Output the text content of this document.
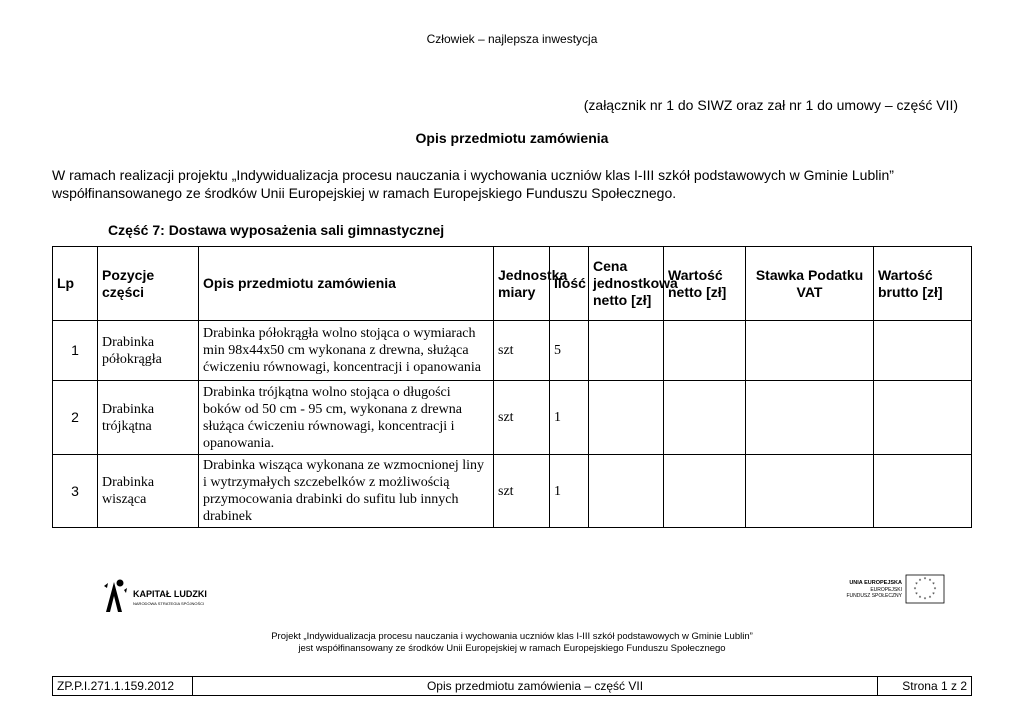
Człowiek – najlepsza inwestycja
(załącznik nr 1 do SIWZ oraz zał nr 1 do umowy – część VII)
Opis przedmiotu zamówienia
W ramach realizacji projektu „Indywidualizacja procesu nauczania i wychowania uczniów klas I-III szkół podstawowych w Gminie Lublin” współfinansowanego ze środków Unii Europejskiej w ramach Europejskiego Funduszu Społecznego.
Część 7: Dostawa wyposażenia sali gimnastycznej
Lp	Pozycje części	Opis przedmiotu zamówienia	Jednostka miary	Ilość	Cena jednostkowa netto [zł]	Wartość netto [zł]	Stawka Podatku VAT	Wartość brutto [zł]
1	Drabinka półokrągła	Drabinka półokrągła wolno stojąca o wymiarach min 98x44x50 cm wykonana z drewna, służąca ćwiczeniu równowagi, koncentracji i opanowania	szt	5				
2	Drabinka trójkątna	Drabinka trójkątna wolno stojąca o długości boków od 50 cm - 95 cm, wykonana z drewna służąca ćwiczeniu równowagi, koncentracji i opanowania.	szt	1				
3	Drabinka wisząca	Drabinka wisząca wykonana ze wzmocnionej liny i wytrzymałych szczebelków z możliwością przymocowania drabinki do sufitu lub innych drabinek	szt	1				
KAPITAŁ LUDZKI
NARODOWA STRATEGIA SPÓJNOŚCI
UNIA EUROPEJSKA
EUROPEJSKI
FUNDUSZ SPOŁECZNY
* *
*
*
*
*
*
*
*
*
*
*
Projekt „Indywidualizacja procesu nauczania i wychowania uczniów klas I-III szkół podstawowych w Gminie Lublin”
jest współfinansowany ze środków Unii Europejskiej w ramach Europejskiego Funduszu Społecznego
ZP.P.I.271.1.159.2012	Opis przedmiotu zamówienia – część VII	Strona 1 z 2
